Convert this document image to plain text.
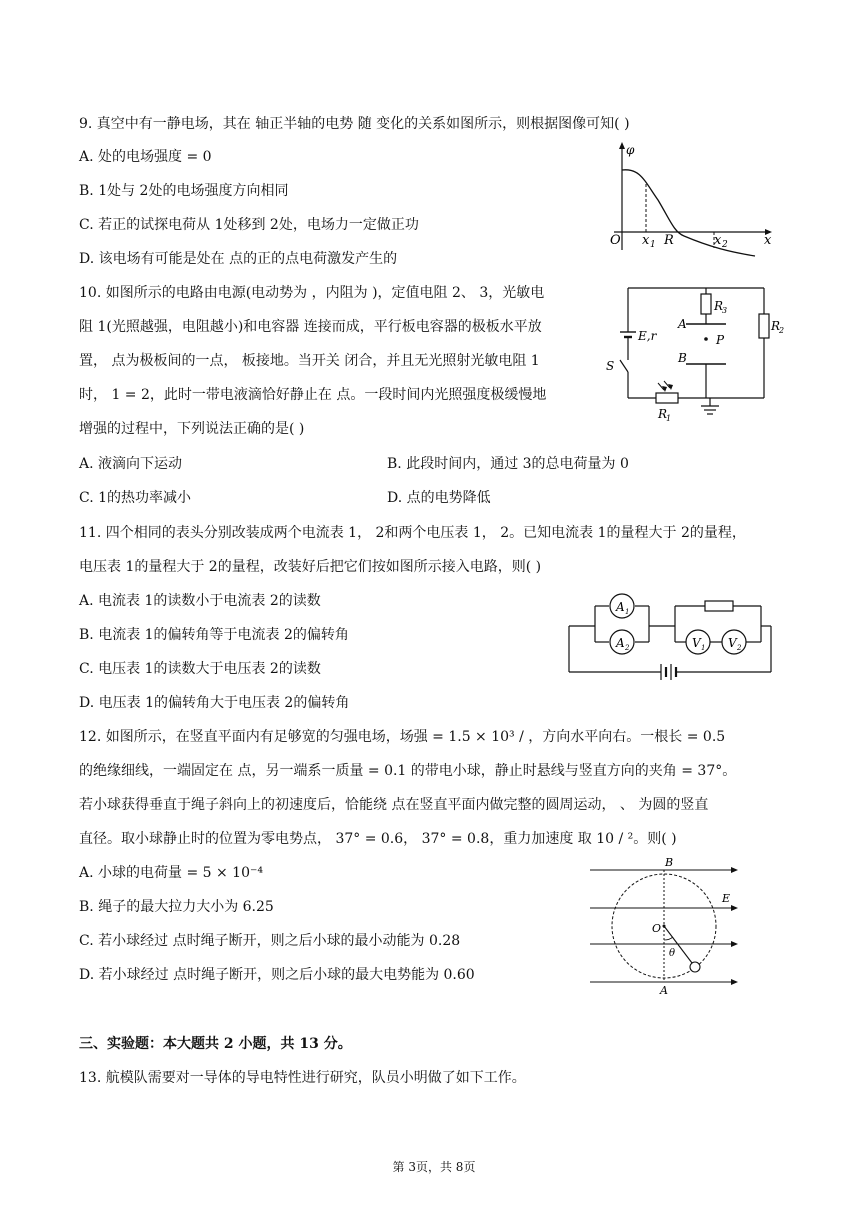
9. 真空中有一静电场，其在 轴正半轴的电势 随 变化的关系如图所示，则根据图像可知( )
A. 处的电场强度 = 0
B. 1处与 2处的电场强度方向相同
C. 若正的试探电荷从 1处移到 2处，电场力一定做正功
D. 该电场有可能是处在 点的正的点电荷激发产生的
φ
x
O x 1 R	x 2
10. 如图所示的电路由电源(电动势为 ，内阻为 )，定值电阻 2、 3，光敏电
阻 1(光照越强，电阻越小)和电容器 连接而成，平行板电容器的极板水平放
置， 点为极板间的一点， 板接地。当开关 闭合，并且无光照射光敏电阻 1
时， 1 = 2，此时一带电液滴恰好静止在 点。一段时间内光照强度极缓慢地
增强的过程中，下列说法正确的是( )
A. 液滴向下运动	B. 此段时间内，通过 3的总电荷量为 0
C. 1的热功率减小	D. 点的电势降低
R
3
R
2
R
1
A
B
P
E,r
S
11. 四个相同的表头分别改装成两个电流表 1， 2和两个电压表 1， 2。已知电流表 1的量程大于 2的量程，
电压表 1的量程大于 2的量程，改装好后把它们按如图所示接入电路，则( )
A. 电流表 1的读数小于电流表 2的读数
B. 电流表 1的偏转角等于电流表 2的偏转角
C. 电压表 1的读数大于电压表 2的读数
D. 电压表 1的偏转角大于电压表 2的偏转角
A 1
A 2	V 1 V 2
12. 如图所示，在竖直平面内有足够宽的匀强电场，场强 = 1.5 × 10³ / ，方向水平向右。一根长 = 0.5
的绝缘细线，一端固定在 点，另一端系一质量 = 0.1 的带电小球，静止时悬线与竖直方向的夹角 = 37°。
若小球获得垂直于绳子斜向上的初速度后，恰能绕 点在竖直平面内做完整的圆周运动， 、 为圆的竖直
直径。取小球静止时的位置为零电势点， 37° = 0.6， 37° = 0.8，重力加速度 取 10 / ²。则( )
A. 小球的电荷量 = 5 × 10⁻⁴
B. 绳子的最大拉力大小为 6.25
C. 若小球经过 点时绳子断开，则之后小球的最小动能为 0.28
D. 若小球经过 点时绳子断开，则之后小球的最大电势能为 0.60
B
E
O
θ
A
三、实验题：本大题共 2 小题，共 13 分。
13. 航模队需要对一导体的导电特性进行研究，队员小明做了如下工作。
第 3页，共 8页
